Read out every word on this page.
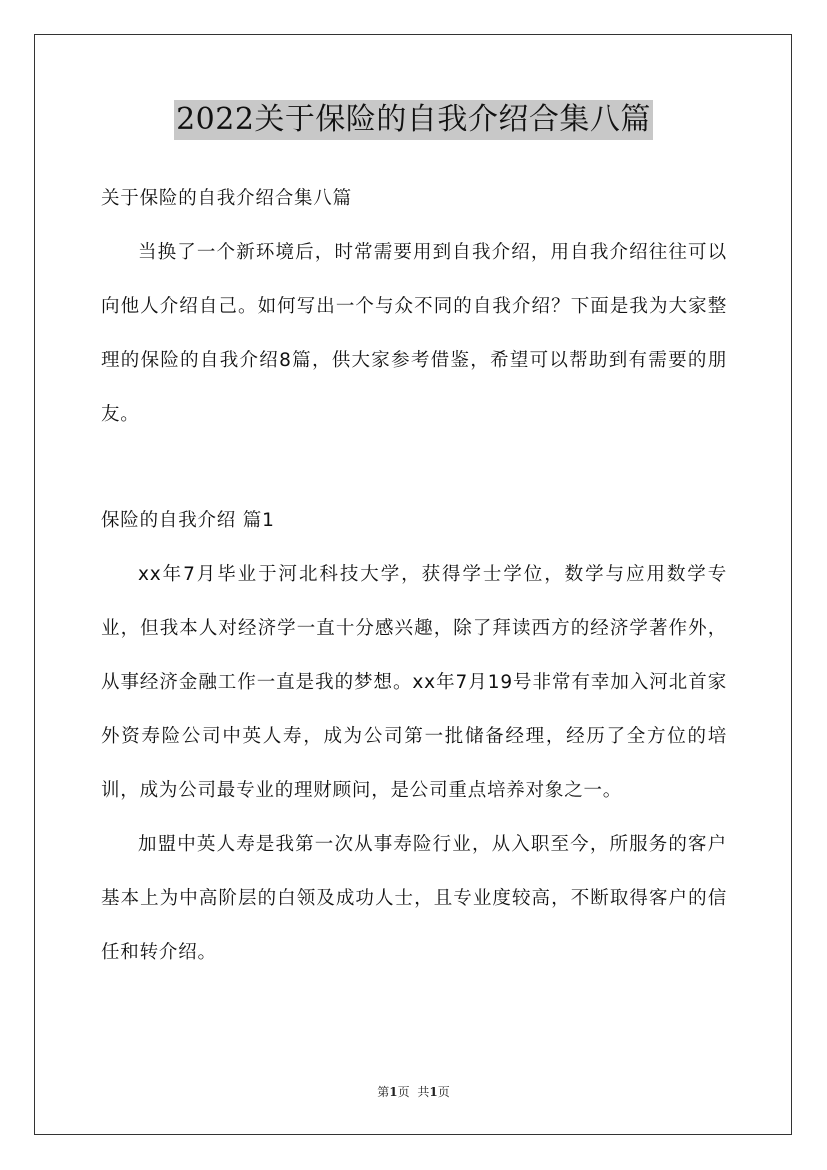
2022关于保险的自我介绍合集八篇

关于保险的自我介绍合集八篇

当换了一个新环境后，时常需要用到自我介绍，用自我介绍往往可以向他人介绍自己。如何写出一个与众不同的自我介绍？下面是我为大家整理的保险的自我介绍8篇，供大家参考借鉴，希望可以帮助到有需要的朋友。

保险的自我介绍 篇1

xx年7月毕业于河北科技大学，获得学士学位，数学与应用数学专业，但我本人对经济学一直十分感兴趣，除了拜读西方的经济学著作外，从事经济金融工作一直是我的梦想。xx年7月19号非常有幸加入河北首家外资寿险公司中英人寿，成为公司第一批储备经理，经历了全方位的培训，成为公司最专业的理财顾问，是公司重点培养对象之一。

加盟中英人寿是我第一次从事寿险行业，从入职至今，所服务的客户基本上为中高阶层的白领及成功人士，且专业度较高，不断取得客户的信任和转介绍。

第1页 共1页
